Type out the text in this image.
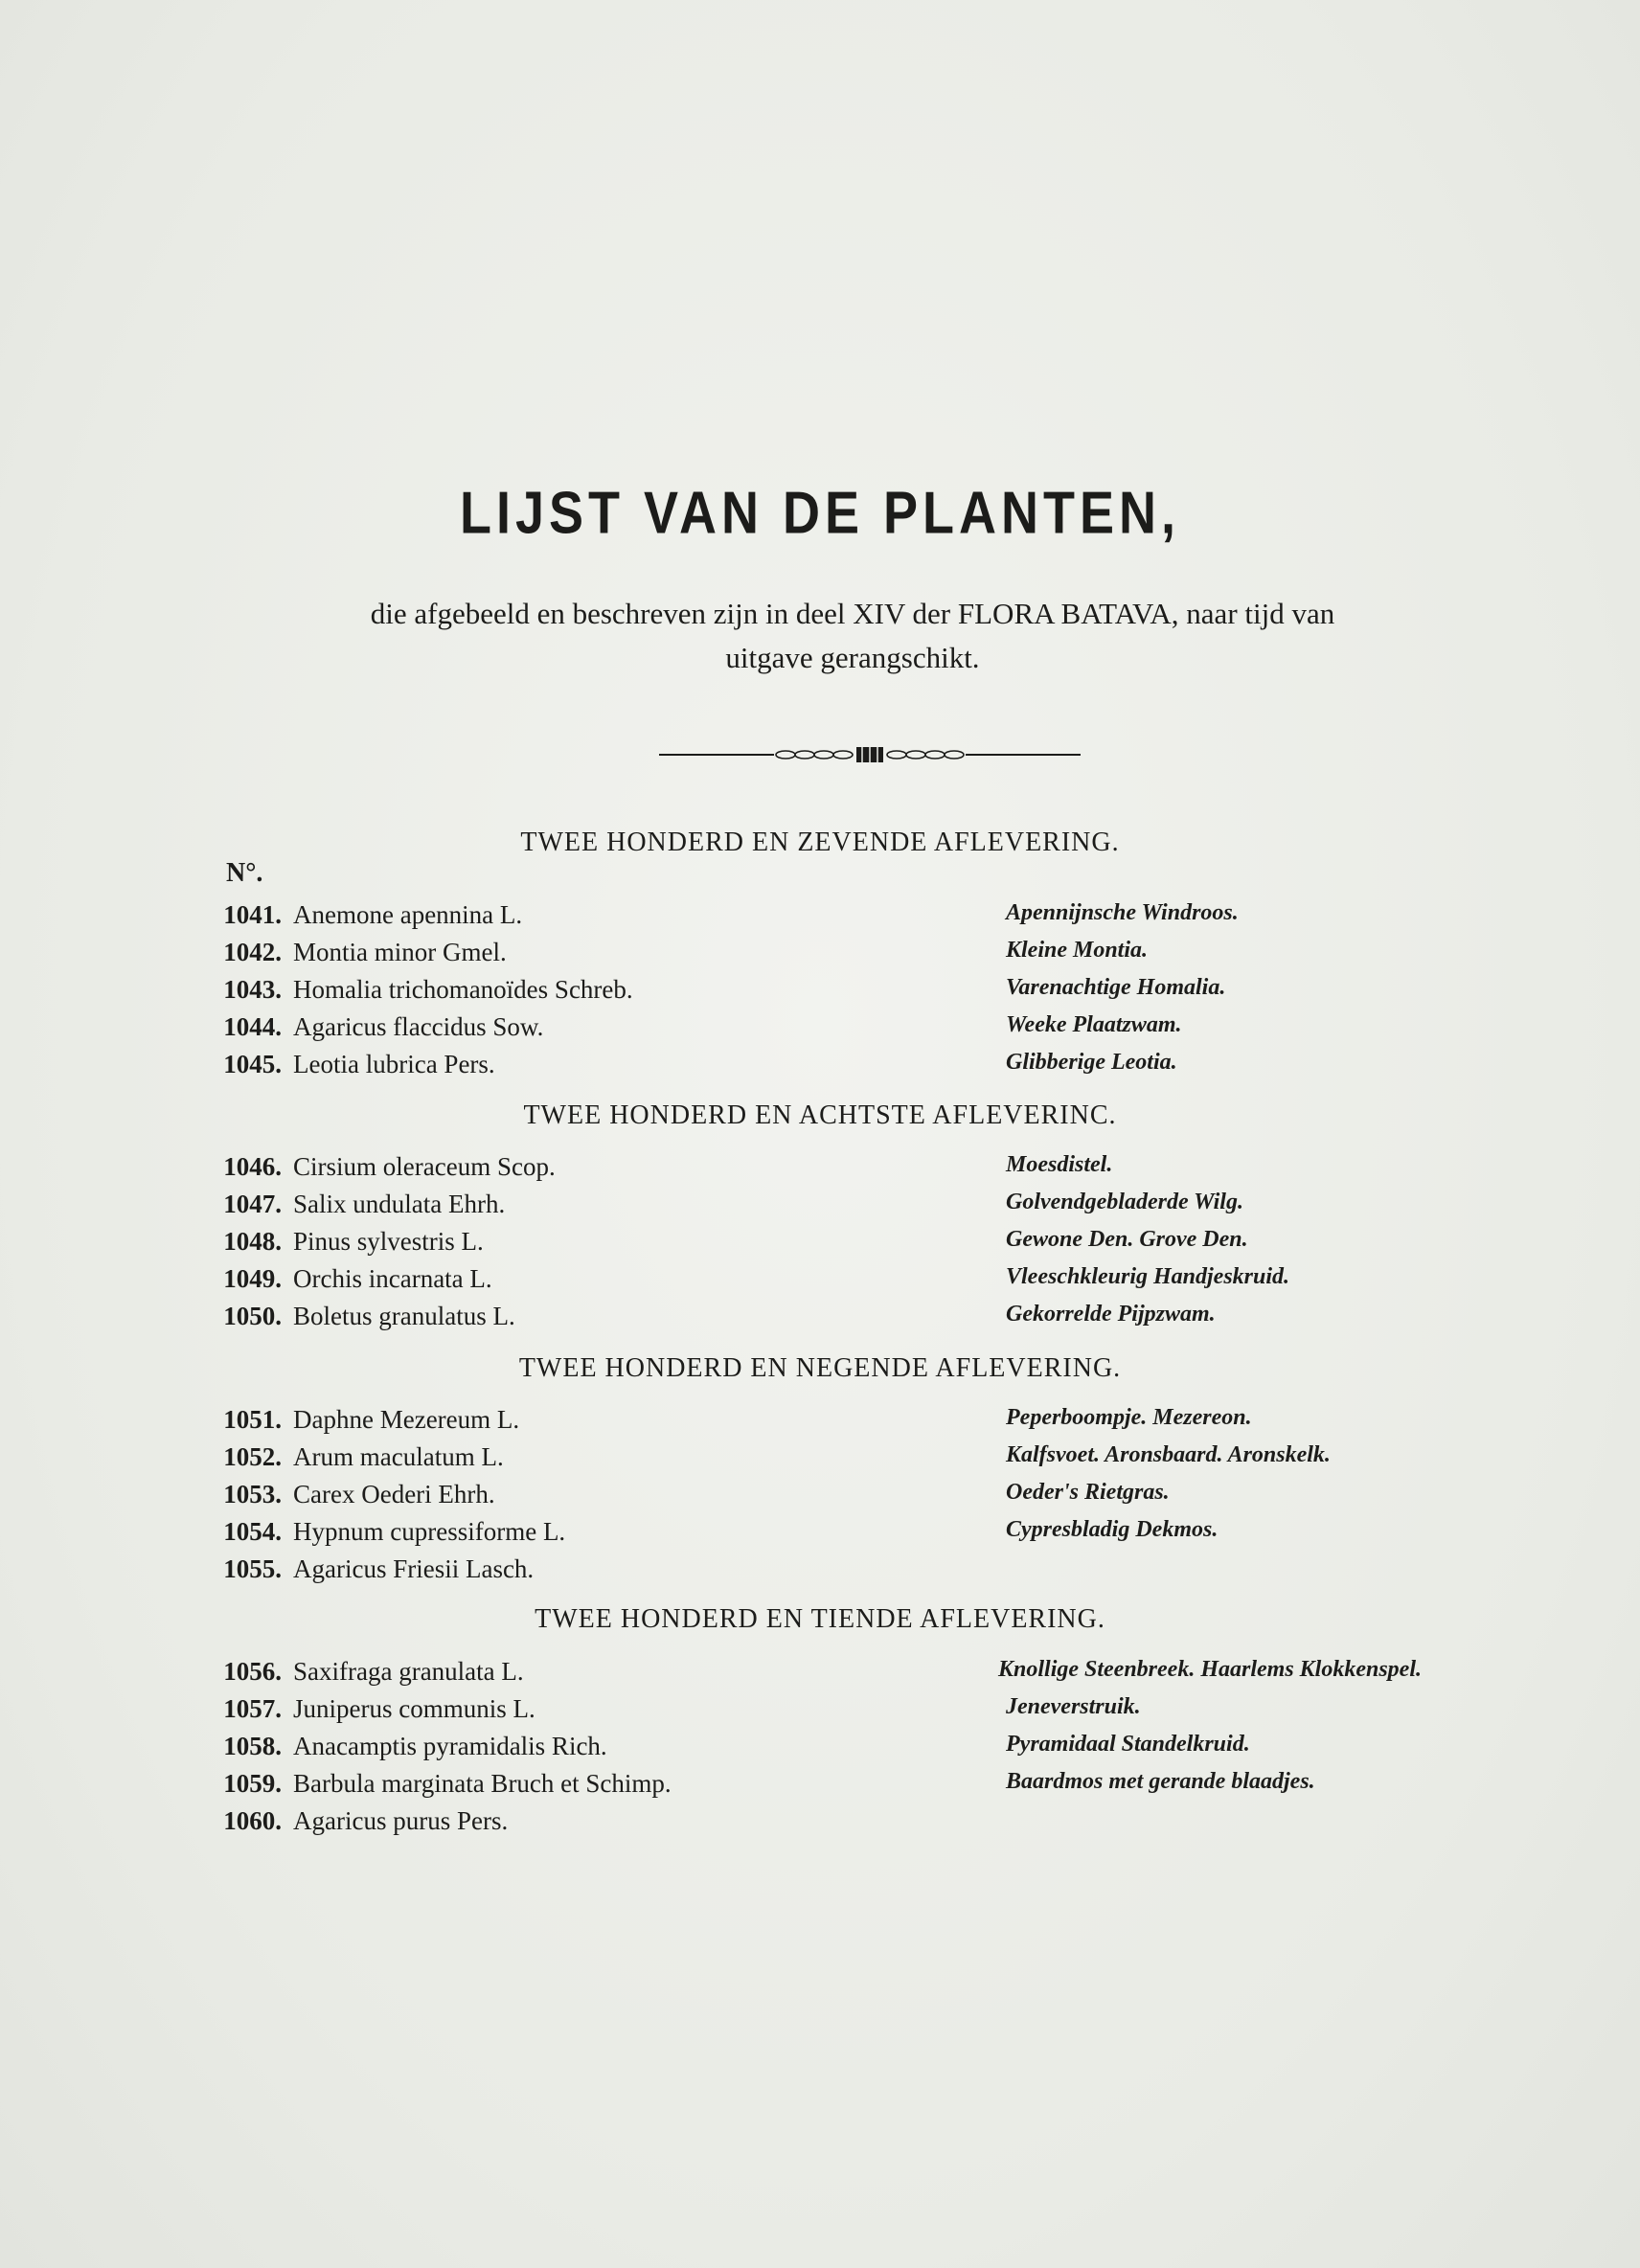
LIJST VAN DE PLANTEN,
die afgebeeld en beschreven zijn in deel XIV der FLORA BATAVA, naar tijd van
uitgave gerangschikt.
TWEE HONDERD EN ZEVENDE AFLEVERING.
N°.
1041. Anemone apennina L.	Apennijnsche Windroos.
1042. Montia minor Gmel.	Kleine Montia.
1043. Homalia trichomanoïdes Schreb.	Varenachtige Homalia.
1044. Agaricus flaccidus Sow.	Weeke Plaatzwam.
1045. Leotia lubrica Pers.	Glibberige Leotia.
TWEE HONDERD EN ACHTSTE AFLEVERINC.
1046. Cirsium oleraceum Scop.	Moesdistel.
1047. Salix undulata Ehrh.	Golvendgebladerde Wilg.
1048. Pinus sylvestris L.	Gewone Den. Grove Den.
1049. Orchis incarnata L.	Vleeschkleurig Handjeskruid.
1050. Boletus granulatus L.	Gekorrelde Pijpzwam.
TWEE HONDERD EN NEGENDE AFLEVERING.
1051. Daphne Mezereum L.	Peperboompje. Mezereon.
1052. Arum maculatum L.	Kalfsvoet. Aronsbaard. Aronskelk.
1053. Carex Oederi Ehrh.	Oeder's Rietgras.
1054. Hypnum cupressiforme L.	Cypresbladig Dekmos.
1055. Agaricus Friesii Lasch.
TWEE HONDERD EN TIENDE AFLEVERING.
1056. Saxifraga granulata L.	Knollige Steenbreek. Haarlems Klokkenspel.
1057. Juniperus communis L.	Jeneverstruik.
1058. Anacamptis pyramidalis Rich.	Pyramidaal Standelkruid.
1059. Barbula marginata Bruch et Schimp.	Baardmos met gerande blaadjes.
1060. Agaricus purus Pers.
